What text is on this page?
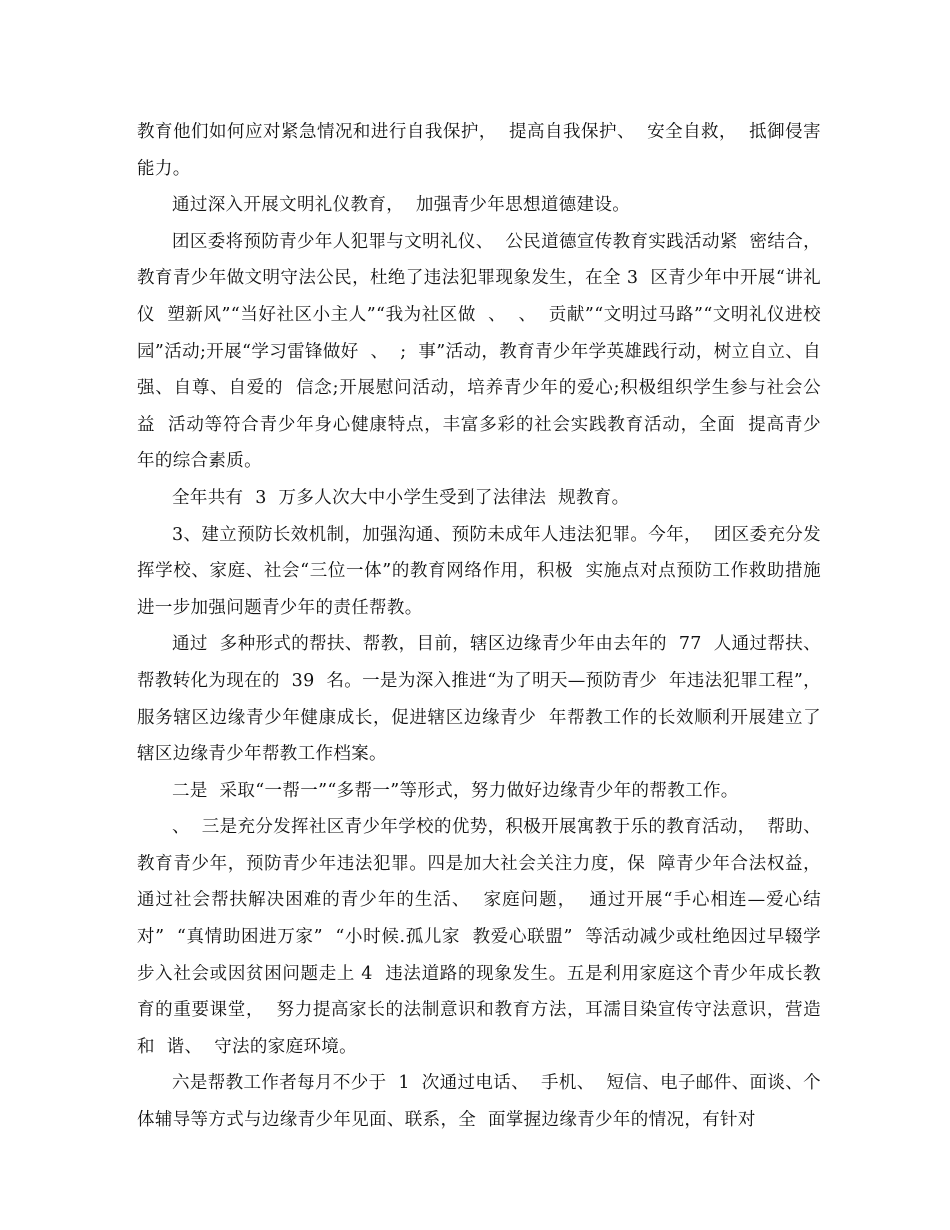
教育他们如何应对紧急情况和进行自我保护，  提高自我保护、  安全自救，  抵御侵害能力。

通过深入开展文明礼仪教育，  加强青少年思想道德建设。

团区委将预防青少年人犯罪与文明礼仪、  公民道德宣传教育实践活动紧  密结合，教育青少年做文明守法公民，杜绝了违法犯罪现象发生，在全 3  区青少年中开展“讲礼仪  塑新风”“当好社区小主人”“我为社区做  、  、  贡献”“文明过马路”“文明礼仪进校园”活动;开展“学习雷锋做好  、  ;  事”活动，教育青少年学英雄践行动，树立自立、自强、自尊、自爱的  信念;开展慰问活动，培养青少年的爱心;积极组织学生参与社会公益  活动等符合青少年身心健康特点，丰富多彩的社会实践教育活动，全面  提高青少年的综合素质。

全年共有  3  万多人次大中小学生受到了法律法  规教育。

3、建立预防长效机制，加强沟通、预防未成年人违法犯罪。今年，  团区委充分发挥学校、家庭、社会“三位一体”的教育网络作用，积极  实施点对点预防工作救助措施进一步加强问题青少年的责任帮教。

通过  多种形式的帮扶、帮教，目前，辖区边缘青少年由去年的  77  人通过帮扶、帮教转化为现在的  39  名。一是为深入推进“为了明天—预防青少  年违法犯罪工程”，服务辖区边缘青少年健康成长，促进辖区边缘青少  年帮教工作的长效顺利开展建立了辖区边缘青少年帮教工作档案。

二是  采取“一帮一”“多帮一”等形式，努力做好边缘青少年的帮教工作。

、  三是充分发挥社区青少年学校的优势，积极开展寓教于乐的教育活动，  帮助、教育青少年，预防青少年违法犯罪。四是加大社会关注力度，保  障青少年合法权益，  通过社会帮扶解决困难的青少年的生活、  家庭问题，  通过开展“手心相连—爱心结对”  “真情助困进万家”  “小时候.孤儿家  教爱心联盟”  等活动减少或杜绝因过早辍学步入社会或因贫困问题走上 4  违法道路的现象发生。五是利用家庭这个青少年成长教育的重要课堂，  努力提高家长的法制意识和教育方法，耳濡目染宣传守法意识，营造和  谐、  守法的家庭环境。

六是帮教工作者每月不少于  1  次通过电话、  手机、  短信、电子邮件、面谈、个体辅导等方式与边缘青少年见面、联系，全  面掌握边缘青少年的情况，有针对
